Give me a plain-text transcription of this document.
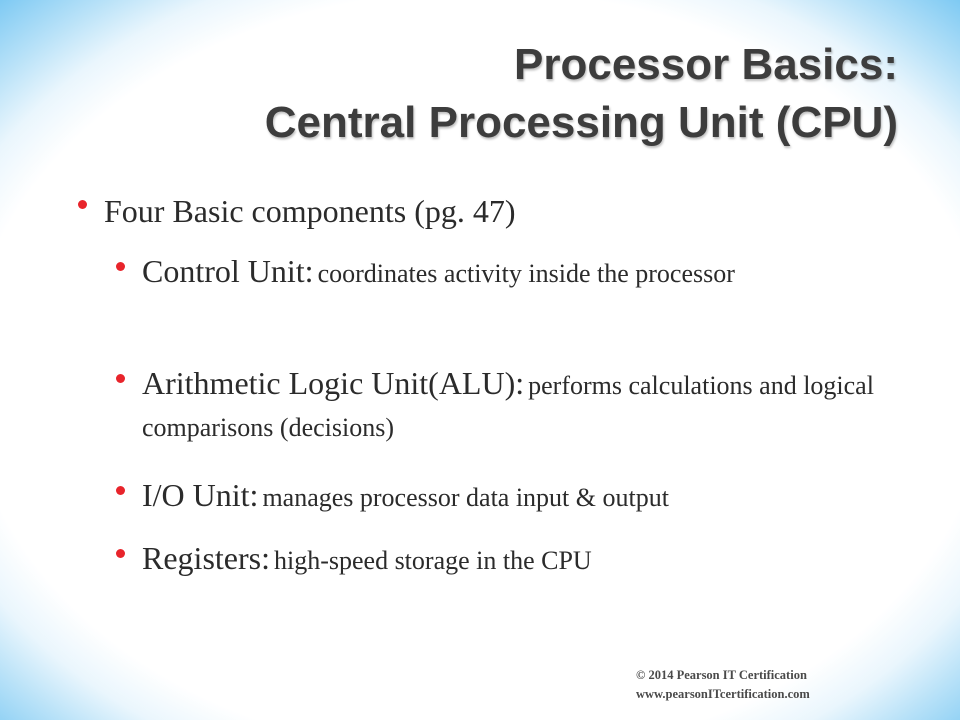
Processor Basics:
Central Processing Unit (CPU)
Four Basic components (pg. 47)
Control Unit: coordinates activity inside the processor
Arithmetic Logic Unit(ALU): performs calculations and logical comparisons (decisions)
I/O Unit: manages processor data input & output
Registers: high-speed storage in the CPU
© 2014 Pearson IT Certification
www.pearsonITcertification.com
